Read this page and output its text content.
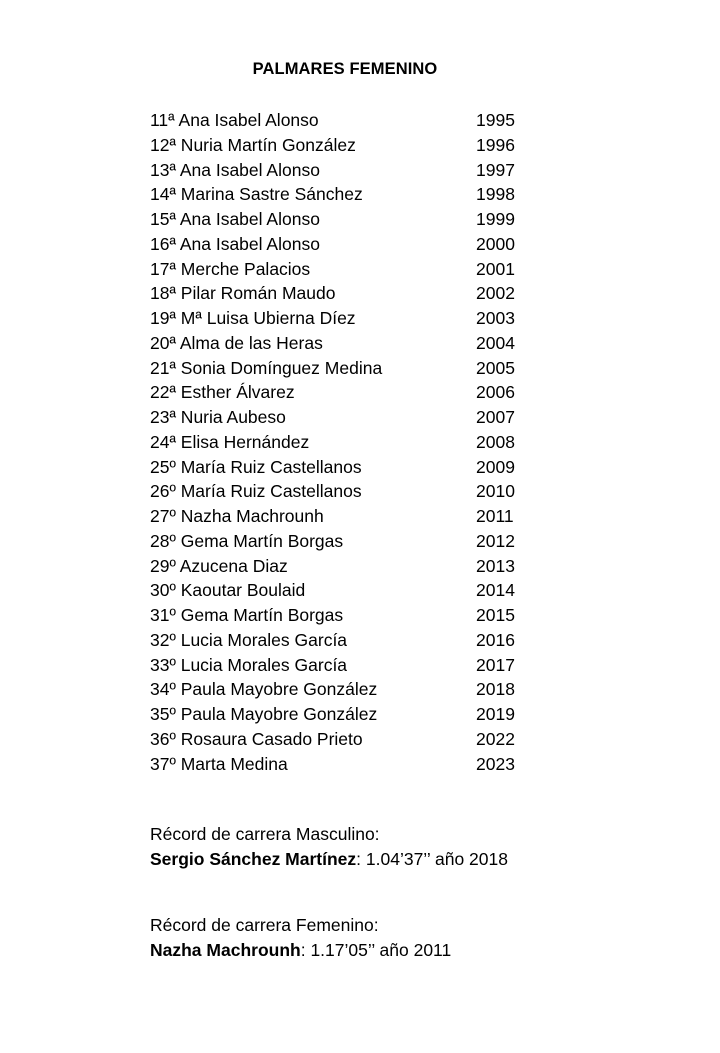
PALMARES FEMENINO
11ª Ana Isabel Alonso	1995
12ª Nuria Martín González	1996
13ª Ana Isabel Alonso	1997
14ª Marina Sastre Sánchez	1998
15ª Ana Isabel Alonso	1999
16ª Ana Isabel Alonso	2000
17ª Merche Palacios	2001
18ª Pilar Román Maudo	2002
19ª Mª Luisa Ubierna Díez	2003
20ª Alma de las Heras	2004
21ª Sonia Domínguez Medina	2005
22ª Esther Álvarez	2006
23ª Nuria Aubeso	2007
24ª Elisa Hernández	2008
25º María Ruiz Castellanos	2009
26º María Ruiz Castellanos	2010
27º Nazha Machrounh	2011
28º Gema Martín Borgas	2012
29º Azucena Diaz	2013
30º Kaoutar Boulaid	2014
31º Gema Martín Borgas	2015
32º Lucia Morales García	2016
33º Lucia Morales García	2017
34º Paula Mayobre González	2018
35º Paula Mayobre González	2019
36º Rosaura Casado Prieto	2022
37º Marta Medina	2023
Récord de carrera Masculino:
Sergio Sánchez Martínez: 1.04’37’’ año 2018
Récord de carrera Femenino:
Nazha Machrounh: 1.17’05’’ año 2011
